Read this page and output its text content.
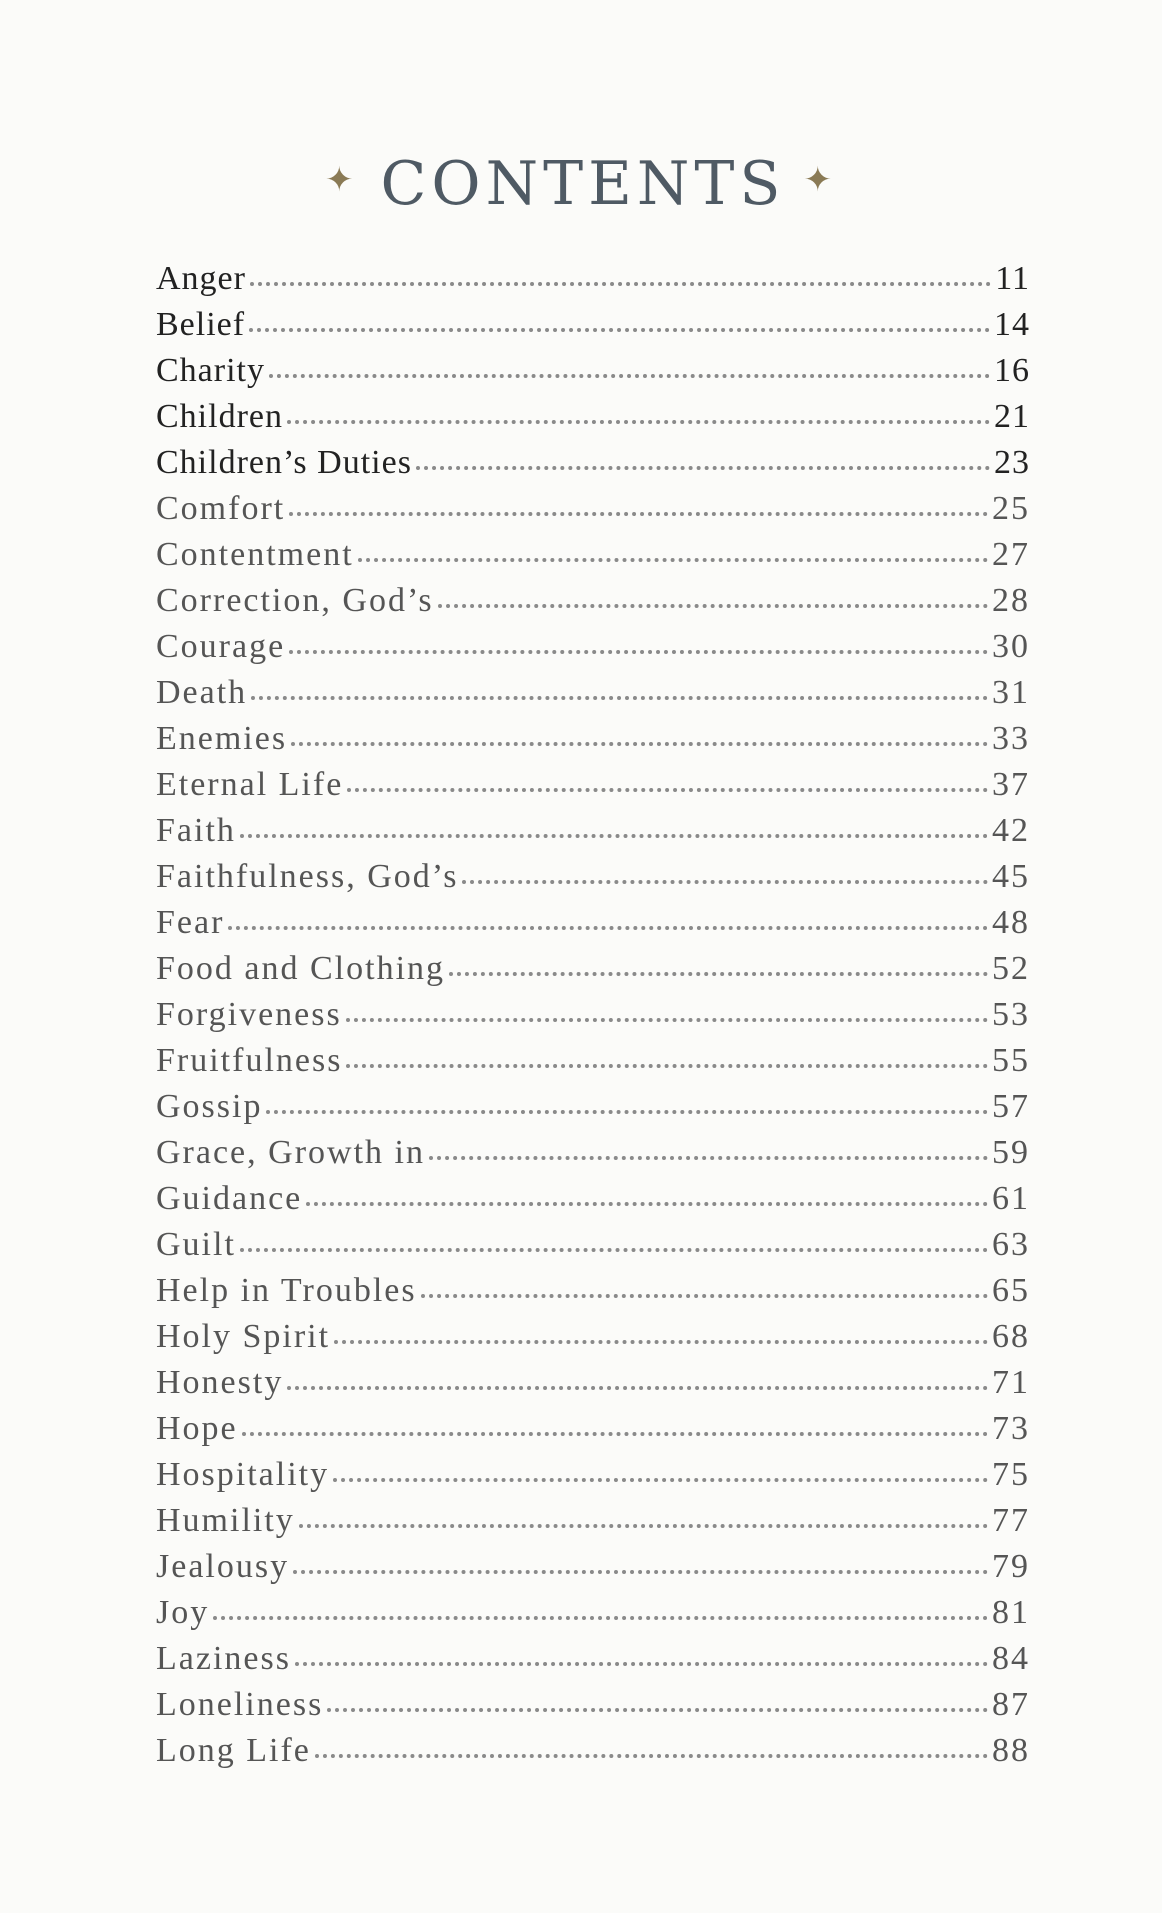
✦ CONTENTS ✦
Anger	11
Belief	14
Charity	16
Children	21
Children’s Duties	23
Comfort	25
Contentment	27
Correction, God’s	28
Courage	30
Death	31
Enemies	33
Eternal Life	37
Faith	42
Faithfulness, God’s	45
Fear	48
Food and Clothing	52
Forgiveness	53
Fruitfulness	55
Gossip	57
Grace, Growth in	59
Guidance	61
Guilt	63
Help in Troubles	65
Holy Spirit	68
Honesty	71
Hope	73
Hospitality	75
Humility	77
Jealousy	79
Joy	81
Laziness	84
Loneliness	87
Long Life	88
